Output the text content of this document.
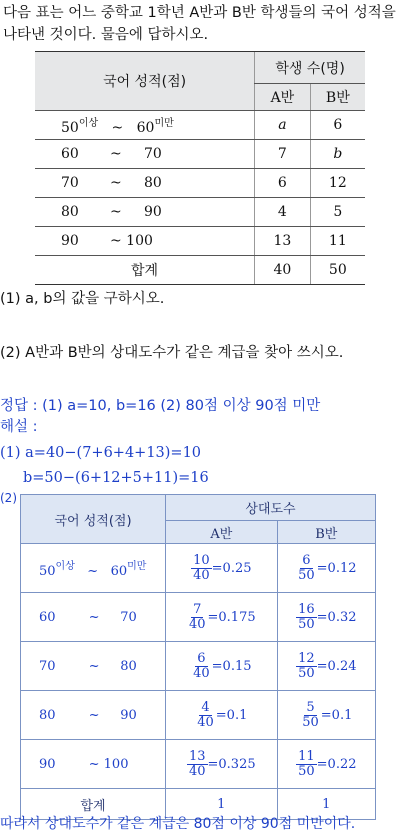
다음 표는 어느 중학교 1학년 A반과 B반 학생들의 국어 성적을
나타낸 것이다. 물음에 답하시오.
국어 성적(점)	학생 수(명)	
	A반	B반
$50^{이상}$ ~ $60^{미만}$	a	6
60 ~ 70	7	b
70 ~ 80	6	12
80 ~ 90	4	5
90 ~ 100	13	11
합계	40	50
(1) a, b의 값을 구하시오.
(2) A반과 B반의 상대도수가 같은 계급을 찾아 쓰시오.
정답 : (1) a=10, b=16 (2) 80점 이상 90점 미만
해설 :
(1) a=40−(7+6+4+13)=10
b=50−(6+12+5+11)=16
(2)
국어 성적(점)	상대도수	
	A반	B반
$50^{이상}$ ~ $60^{미만}$	$\frac{10}{40} =0.25$	$\frac{6}{50} =0.12$
60 ~ 70	$\frac{7}{40} =0.175$	$\frac{16}{50} =0.32$
70 ~ 80	$\frac{6}{40} =0.15$	$\frac{12}{50} =0.24$
80 ~ 90	$\frac{4}{40} =0.1$	$\frac{5}{50} =0.1$
90 ~ 100	$\frac{13}{40} =0.325$	$\frac{11}{50} =0.22$
합계	1	1
따라서 상대도수가 같은 계급은 80점 이상 90점 미만이다.
